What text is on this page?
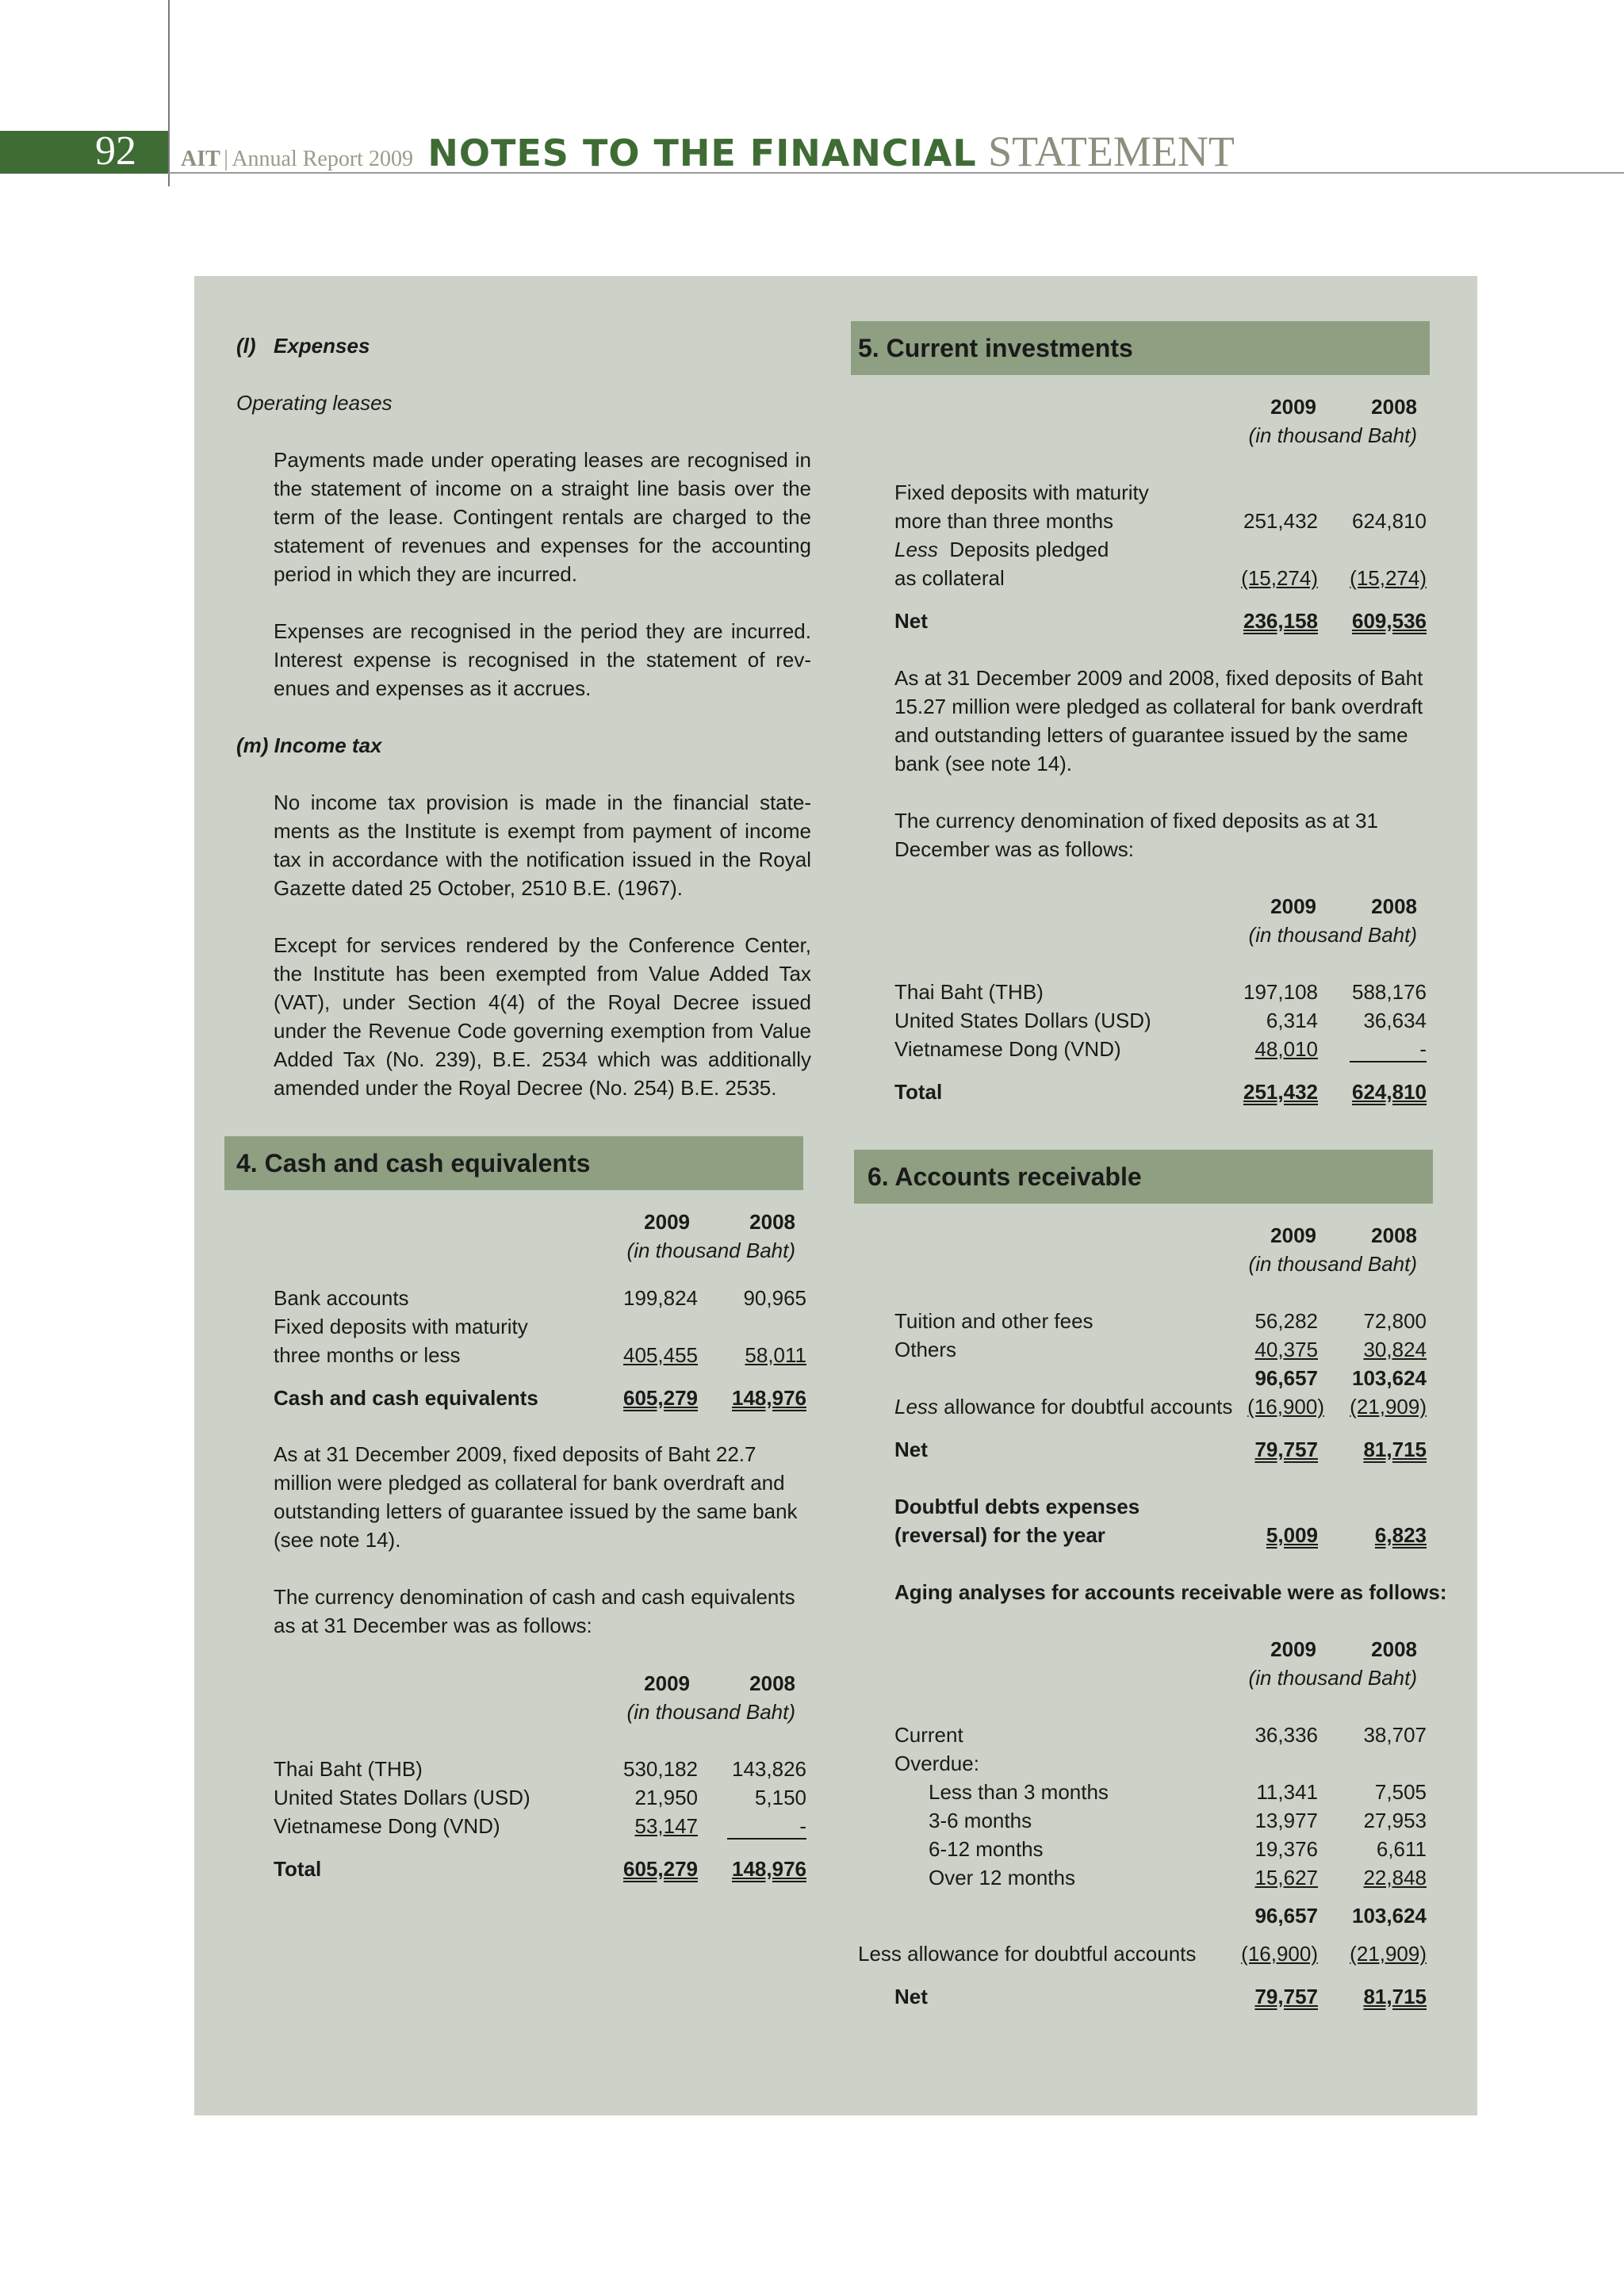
92 AIT | Annual Report 2009 NOTES TO THE FINANCIAL STATEMENT
(l) Expenses
Operating leases
Payments made under operating leases are recognised in the statement of income on a straight line basis over the term of the lease. Contingent rentals are charged to the statement of revenues and expenses for the accounting period in which they are incurred.
Expenses are recognised in the period they are incurred. Interest expense is recognised in the statement of rev-enues and expenses as it accrues.
(m) Income tax
No income tax provision is made in the financial state-ments as the Institute is exempt from payment of income tax in accordance with the notification issued in the Royal Gazette dated 25 October, 2510 B.E. (1967).
Except for services rendered by the Conference Center, the Institute has been exempted from Value Added Tax (VAT), under Section 4(4) of the Royal Decree issued under the Revenue Code governing exemption from Value Added Tax (No. 239), B.E. 2534 which was additionally amended under the Royal Decree (No. 254) B.E. 2535.
4. Cash and cash equivalents
2009	2008
(in thousand Baht)
Bank accounts	199,824	90,965
Fixed deposits with maturity
three months or less	405,455	58,011
Cash and cash equivalents	605,279	148,976
As at 31 December 2009, fixed deposits of Baht 22.7 million were pledged as collateral for bank overdraft and outstanding letters of guarantee issued by the same bank (see note 14).
The currency denomination of cash and cash equivalents as at 31 December was as follows:
2009	2008
(in thousand Baht)
Thai Baht (THB)	530,182	143,826
United States Dollars (USD)	21,950	5,150
Vietnamese Dong (VND)	53,147	-
Total	605,279	148,976
5. Current investments
2009	2008
(in thousand Baht)
Fixed deposits with maturity
more than three months	251,432	624,810
Less Deposits pledged
as collateral	(15,274)	(15,274)
Net	236,158	609,536
As at 31 December 2009 and 2008, fixed deposits of Baht 15.27 million were pledged as collateral for bank overdraft and outstanding letters of guarantee issued by the same bank (see note 14).
The currency denomination of fixed deposits as at 31 December was as follows:
2009	2008
(in thousand Baht)
Thai Baht (THB)	197,108	588,176
United States Dollars (USD)	6,314	36,634
Vietnamese Dong (VND)	48,010	-
Total	251,432	624,810
6. Accounts receivable
2009	2008
(in thousand Baht)
Tuition and other fees	56,282	72,800
Others	40,375	30,824
96,657	103,624
Less allowance for doubtful accounts (16,900)	(21,909)
Net	79,757	81,715
Doubtful debts expenses
(reversal) for the year	5,009	6,823
Aging analyses for accounts receivable were as follows:
2009	2008
(in thousand Baht)
Current	36,336	38,707
Overdue:
Less than 3 months	11,341	7,505
3-6 months	13,977	27,953
6-12 months	19,376	6,611
Over 12 months	15,627	22,848
96,657	103,624
Less allowance for doubtful accounts	(16,900)	(21,909)
Net	79,757	81,715
